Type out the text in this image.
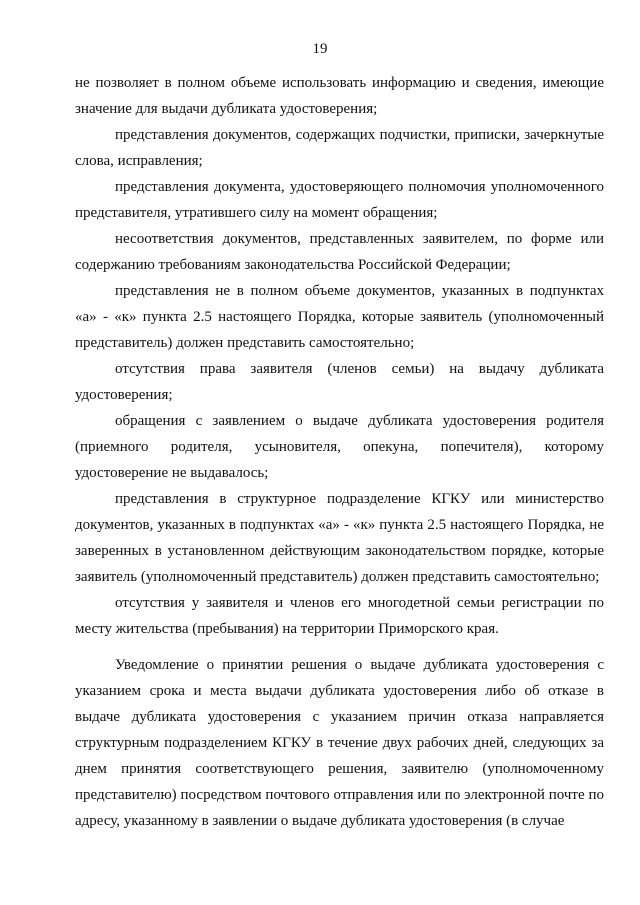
19

не позволяет в полном объеме использовать информацию и сведения, имеющие значение для выдачи дубликата удостоверения;

представления документов, содержащих подчистки, приписки, зачеркнутые слова, исправления;

представления документа, удостоверяющего полномочия уполномоченного представителя, утратившего силу на момент обращения;

несоответствия документов, представленных заявителем, по форме или содержанию требованиям законодательства Российской Федерации;

представления не в полном объеме документов, указанных в подпунктах «а» - «к» пункта 2.5 настоящего Порядка, которые заявитель (уполномоченный представитель) должен представить самостоятельно;

отсутствия права заявителя (членов семьи) на выдачу дубликата удостоверения;

обращения с заявлением о выдаче дубликата удостоверения родителя (приемного родителя, усыновителя, опекуна, попечителя), которому удостоверение не выдавалось;

представления в структурное подразделение КГКУ или министерство документов, указанных в подпунктах «а» - «к» пункта 2.5 настоящего Порядка, не заверенных в установленном действующим законодательством порядке, которые заявитель (уполномоченный представитель) должен представить самостоятельно;

отсутствия у заявителя и членов его многодетной семьи регистрации по месту жительства (пребывания) на территории Приморского края.

Уведомление о принятии решения о выдаче дубликата удостоверения с указанием срока и места выдачи дубликата удостоверения либо об отказе в выдаче дубликата удостоверения с указанием причин отказа направляется структурным подразделением КГКУ в течение двух рабочих дней, следующих за днем принятия соответствующего решения, заявителю (уполномоченному представителю) посредством почтового отправления или по электронной почте по адресу, указанному в заявлении о выдаче дубликата удостоверения (в случае
